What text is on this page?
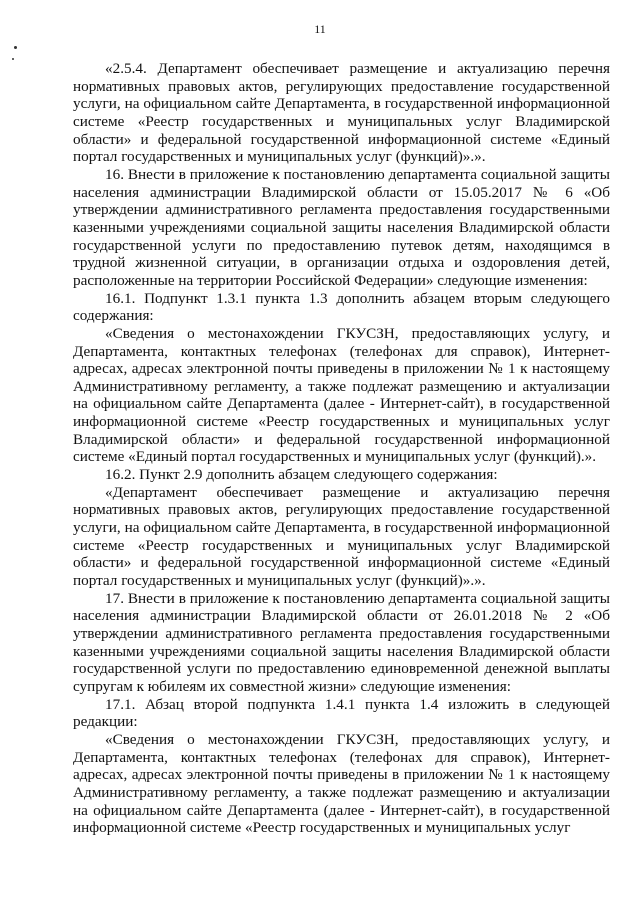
11

«2.5.4. Департамент обеспечивает размещение и актуализацию перечня нормативных правовых актов, регулирующих предоставление государственной услуги, на официальном сайте Департамента, в государственной информационной системе «Реестр государственных и муниципальных услуг Владимирской области» и федеральной государственной информационной системе «Единый портал государственных и муниципальных услуг (функций)».».

16. Внести в приложение к постановлению департамента социальной защиты населения администрации Владимирской области от 15.05.2017 № 6 «Об утверждении административного регламента предоставления государственными казенными учреждениями социальной защиты населения Владимирской области государственной услуги по предоставлению путевок детям, находящимся в трудной жизненной ситуации, в организации отдыха и оздоровления детей, расположенные на территории Российской Федерации» следующие изменения:

16.1. Подпункт 1.3.1 пункта 1.3 дополнить абзацем вторым следующего содержания:

«Сведения о местонахождении ГКУСЗН, предоставляющих услугу, и Департамента, контактных телефонах (телефонах для справок), Интернет-адресах, адресах электронной почты приведены в приложении № 1 к настоящему Административному регламенту, а также подлежат размещению и актуализации на официальном сайте Департамента (далее - Интернет-сайт), в государственной информационной системе «Реестр государственных и муниципальных услуг Владимирской области» и федеральной государственной информационной системе «Единый портал государственных и муниципальных услуг (функций).».

16.2. Пункт 2.9 дополнить абзацем следующего содержания:

«Департамент обеспечивает размещение и актуализацию перечня нормативных правовых актов, регулирующих предоставление государственной услуги, на официальном сайте Департамента, в государственной информационной системе «Реестр государственных и муниципальных услуг Владимирской области» и федеральной государственной информационной системе «Единый портал государственных и муниципальных услуг (функций)».».

17. Внести в приложение к постановлению департамента социальной защиты населения администрации Владимирской области от 26.01.2018 № 2 «Об утверждении административного регламента предоставления государственными казенными учреждениями социальной защиты населения Владимирской области государственной услуги по предоставлению единовременной денежной выплаты супругам к юбилеям их совместной жизни» следующие изменения:

17.1. Абзац второй подпункта 1.4.1 пункта 1.4 изложить в следующей редакции:

«Сведения о местонахождении ГКУСЗН, предоставляющих услугу, и Департамента, контактных телефонах (телефонах для справок), Интернет-адресах, адресах электронной почты приведены в приложении № 1 к настоящему Административному регламенту, а также подлежат размещению и актуализации на официальном сайте Департамента (далее - Интернет-сайт), в государственной информационной системе «Реестр государственных и муниципальных услуг
